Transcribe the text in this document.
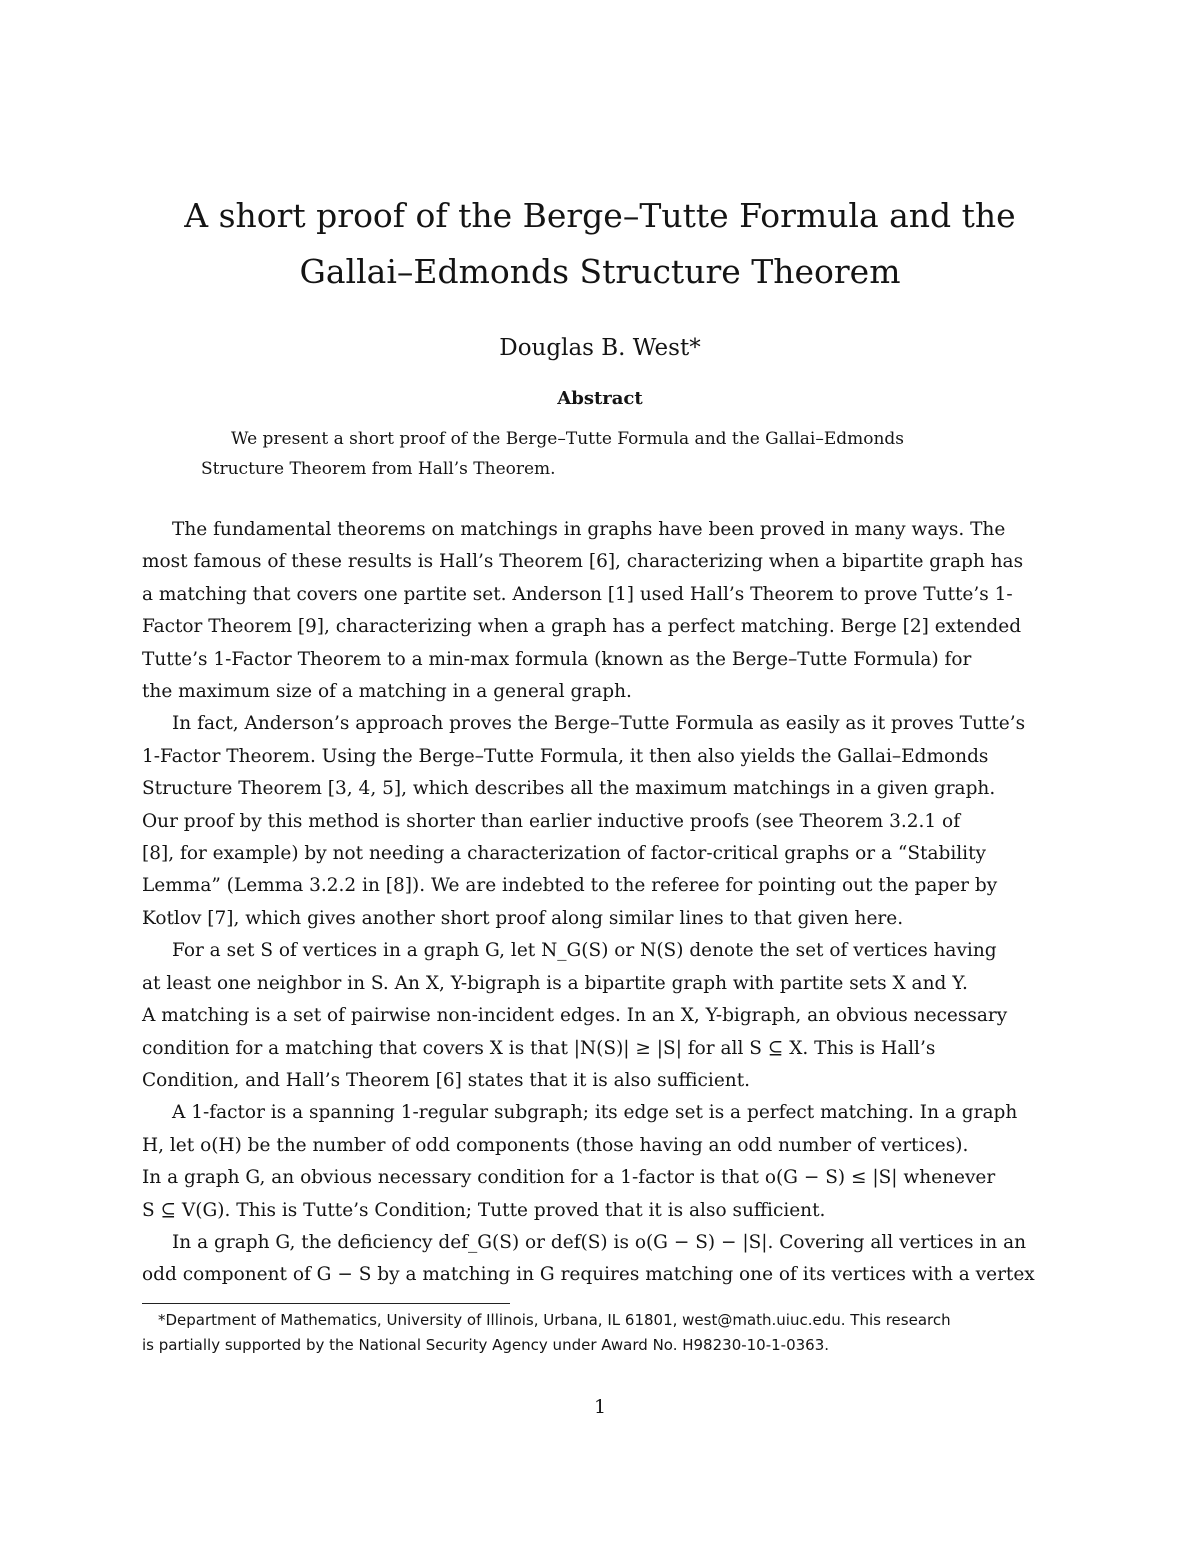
A short proof of the Berge–Tutte Formula and the
Gallai–Edmonds Structure Theorem
Douglas B. West*
Abstract
We present a short proof of the Berge–Tutte Formula and the Gallai–Edmonds
Structure Theorem from Hall’s Theorem.

The fundamental theorems on matchings in graphs have been proved in many ways. The
most famous of these results is Hall’s Theorem [6], characterizing when a bipartite graph has
a matching that covers one partite set. Anderson [1] used Hall’s Theorem to prove Tutte’s 1-
Factor Theorem [9], characterizing when a graph has a perfect matching. Berge [2] extended
Tutte’s 1-Factor Theorem to a min-max formula (known as the Berge–Tutte Formula) for
the maximum size of a matching in a general graph.

In fact, Anderson’s approach proves the Berge–Tutte Formula as easily as it proves Tutte’s
1-Factor Theorem. Using the Berge–Tutte Formula, it then also yields the Gallai–Edmonds
Structure Theorem [3, 4, 5], which describes all the maximum matchings in a given graph.
Our proof by this method is shorter than earlier inductive proofs (see Theorem 3.2.1 of
[8], for example) by not needing a characterization of factor-critical graphs or a “Stability
Lemma” (Lemma 3.2.2 in [8]). We are indebted to the referee for pointing out the paper by
Kotlov [7], which gives another short proof along similar lines to that given here.

For a set S of vertices in a graph G, let N_G(S) or N(S) denote the set of vertices having
at least one neighbor in S. An X, Y-bigraph is a bipartite graph with partite sets X and Y.
A matching is a set of pairwise non-incident edges. In an X, Y-bigraph, an obvious necessary
condition for a matching that covers X is that |N(S)| ≥ |S| for all S ⊆ X. This is Hall’s
Condition, and Hall’s Theorem [6] states that it is also sufficient.

A 1-factor is a spanning 1-regular subgraph; its edge set is a perfect matching. In a graph
H, let o(H) be the number of odd components (those having an odd number of vertices).
In a graph G, an obvious necessary condition for a 1-factor is that o(G − S) ≤ |S| whenever
S ⊆ V(G). This is Tutte’s Condition; Tutte proved that it is also sufficient.

In a graph G, the deficiency def_G(S) or def(S) is o(G − S) − |S|. Covering all vertices in an
odd component of G − S by a matching in G requires matching one of its vertices with a vertex

*Department of Mathematics, University of Illinois, Urbana, IL 61801, west@math.uiuc.edu. This research
is partially supported by the National Security Agency under Award No. H98230-10-1-0363.
1
